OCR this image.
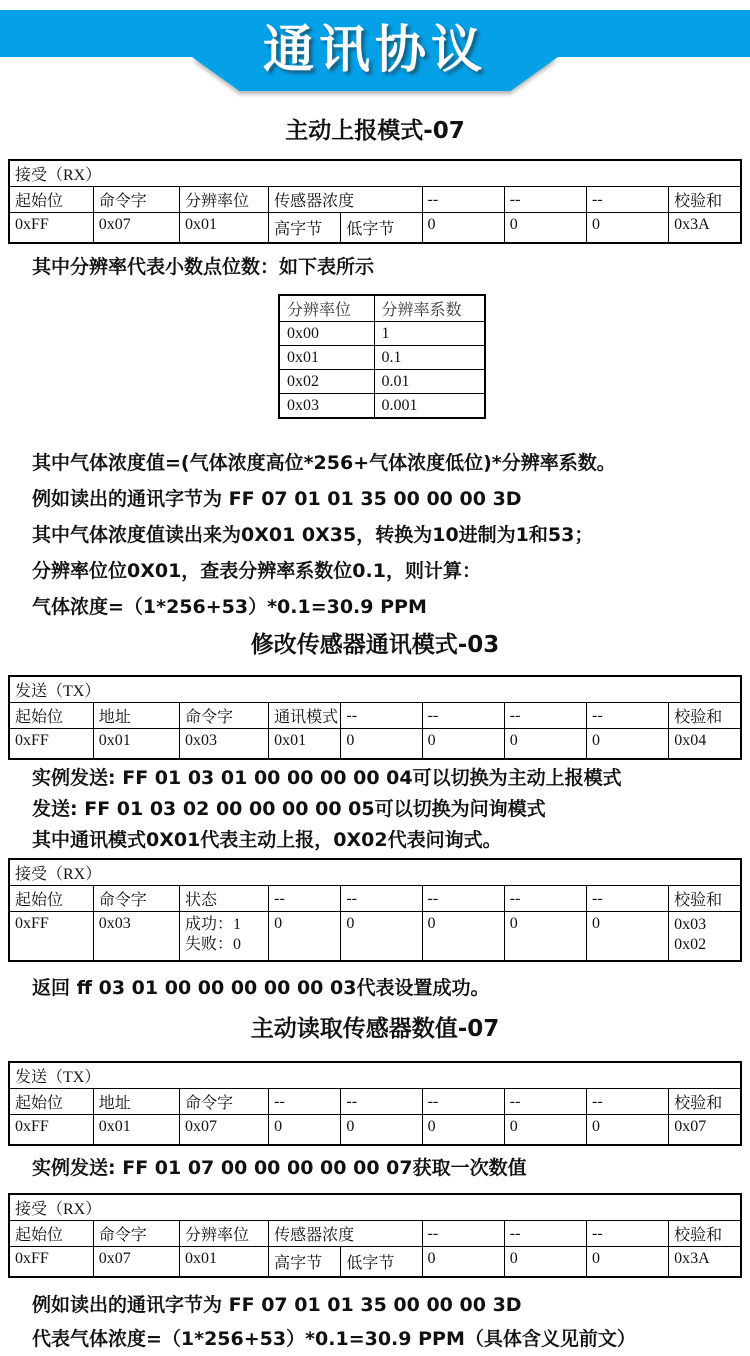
通讯协议
主动上报模式-07
接受（RX）								
起始位	命令字	分辨率位	传感器浓度		--	--	--	校验和
0xFF	0x07	0x01	高字节	低字节	0	0	0	0x3A

其中分辨率代表小数点位数：如下表所示

分辨率位	分辨率系数
0x00	1
0x01	0.1
0x02	0.01
0x03	0.001

其中气体浓度值=(气体浓度高位*256+气体浓度低位)*分辨率系数。

例如读出的通讯字节为 FF 07 01 01 35 00 00 00 3D

其中气体浓度值读出来为0X01 0X35，转换为10进制为1和53；

分辨率位位0X01，查表分辨率系数位0.1，则计算：

气体浓度=（1*256+53）*0.1=30.9 PPM

修改传感器通讯模式-03
发送（TX）								
起始位	地址	命令字	通讯模式	--	--	--	--	校验和
0xFF	0x01	0x03	0x01	0	0	0	0	0x04

实例发送: FF 01 03 01 00 00 00 00 04可以切换为主动上报模式

发送: FF 01 03 02 00 00 00 00 05可以切换为问询模式

其中通讯模式0X01代表主动上报，0X02代表问询式。

接受（RX）								
起始位	命令字	状态	--	--	--	--	--	校验和
0xFF	0x03	成功：1
失败：0
	0	0	0	0	0	0x03
0x02

返回 ff 03 01 00 00 00 00 00 03代表设置成功。

主动读取传感器数值-07
发送（TX）								
起始位	地址	命令字	--	--	--	--	--	校验和
0xFF	0x01	0x07	0	0	0	0	0	0x07

实例发送: FF 01 07 00 00 00 00 00 07获取一次数值

接受（RX）								
起始位	命令字	分辨率位	传感器浓度		--	--	--	校验和
0xFF	0x07	0x01	高字节	低字节	0	0	0	0x3A

例如读出的通讯字节为 FF 07 01 01 35 00 00 00 3D

代表气体浓度=（1*256+53）*0.1=30.9 PPM（具体含义见前文）
